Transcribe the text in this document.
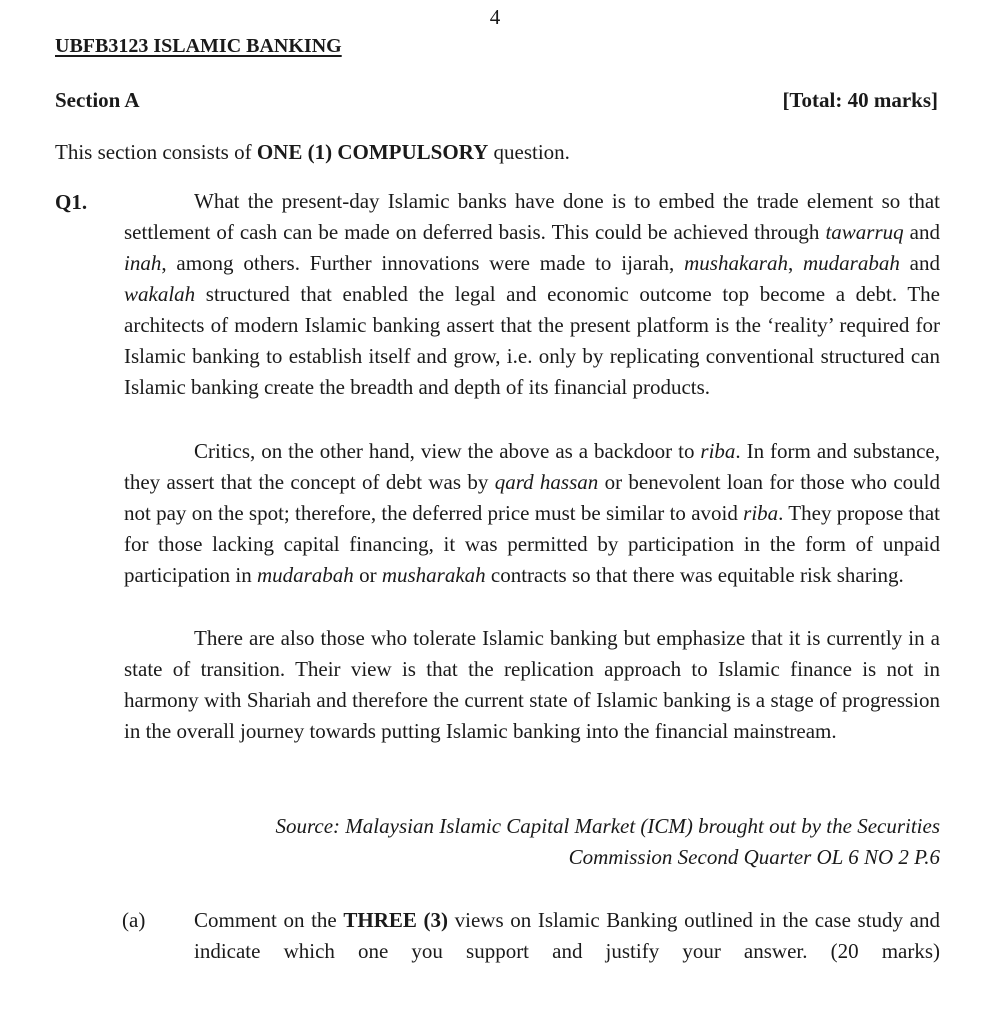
4
UBFB3123 ISLAMIC BANKING
Section A	[Total: 40 marks]
This section consists of ONE (1) COMPULSORY question.
Q1.	What the present-day Islamic banks have done is to embed the trade element so that settlement of cash can be made on deferred basis. This could be achieved through tawarruq and inah, among others. Further innovations were made to ijarah, mushakarah, mudarabah and wakalah structured that enabled the legal and economic outcome top become a debt. The architects of modern Islamic banking assert that the present platform is the ‘reality’ required for Islamic banking to establish itself and grow, i.e. only by replicating conventional structured can Islamic banking create the breadth and depth of its financial products.

Critics, on the other hand, view the above as a backdoor to riba. In form and substance, they assert that the concept of debt was by qard hassan or benevolent loan for those who could not pay on the spot; therefore, the deferred price must be similar to avoid riba. They propose that for those lacking capital financing, it was permitted by participation in the form of unpaid participation in mudarabah or musharakah contracts so that there was equitable risk sharing.

There are also those who tolerate Islamic banking but emphasize that it is currently in a state of transition. Their view is that the replication approach to Islamic finance is not in harmony with Shariah and therefore the current state of Islamic banking is a stage of progression in the overall journey towards putting Islamic banking into the financial mainstream.

Source: Malaysian Islamic Capital Market (ICM) brought out by the Securities
Commission Second Quarter OL 6 NO 2 P.6
(a) Comment on the THREE (3) views on Islamic Banking outlined in the case study and indicate which one you support and justify your answer. (20 marks)
